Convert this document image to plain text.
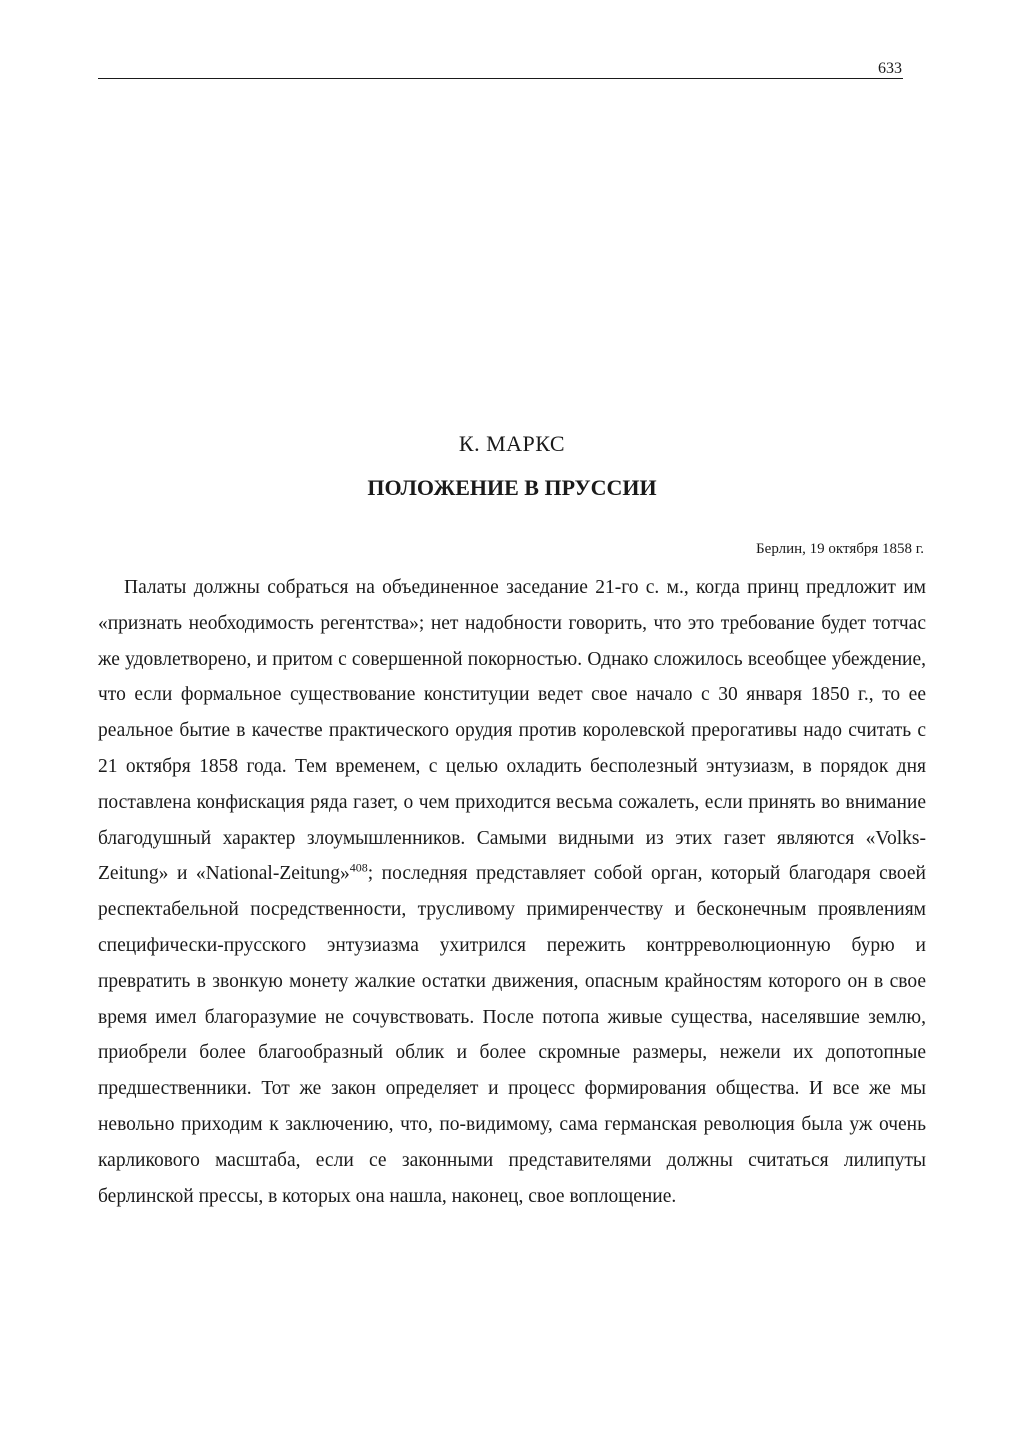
633
К. МАРКС
ПОЛОЖЕНИЕ В ПРУССИИ
Берлин, 19 октября 1858 г.

Палаты должны собраться на объединенное заседание 21-го с. м., когда принц предложит им «признать необходимость регентства»; нет надобности говорить, что это требование будет тотчас же удовлетворено, и притом с совершенной покорностью. Однако сложилось всеобщее убеждение, что если формальное существование конституции ведет свое начало с 30 января 1850 г., то ее реальное бытие в качестве практического орудия против королевской прерогативы надо считать с 21 октября 1858 года. Тем временем, с целью охладить бесполезный энтузиазм, в порядок дня поставлена конфискация ряда газет, о чем приходится весьма сожалеть, если принять во внимание благодушный характер злоумышленников. Самыми видными из этих газет являются «Volks-Zeitung» и «National-Zeitung»$^{408}$; последняя представляет собой орган, который благодаря своей респектабельной посредственности, трусливому примиренчеству и бесконечным проявлениям специфически-прусского энтузиазма ухитрился пережить контрреволюционную бурю и превратить в звонкую монету жалкие остатки движения, опасным крайностям которого он в свое время имел благоразумие не сочувствовать. После потопа живые существа, населявшие землю, приобрели более благообразный облик и более скромные размеры, нежели их допотопные предшественники. Тот же закон определяет и процесс формирования общества. И все же мы невольно приходим к заключению, что, по-видимому, сама германская революция была уж очень карликового масштаба, если се законными представителями должны считаться лилипуты берлинской прессы, в которых она нашла, наконец, свое воплощение.
